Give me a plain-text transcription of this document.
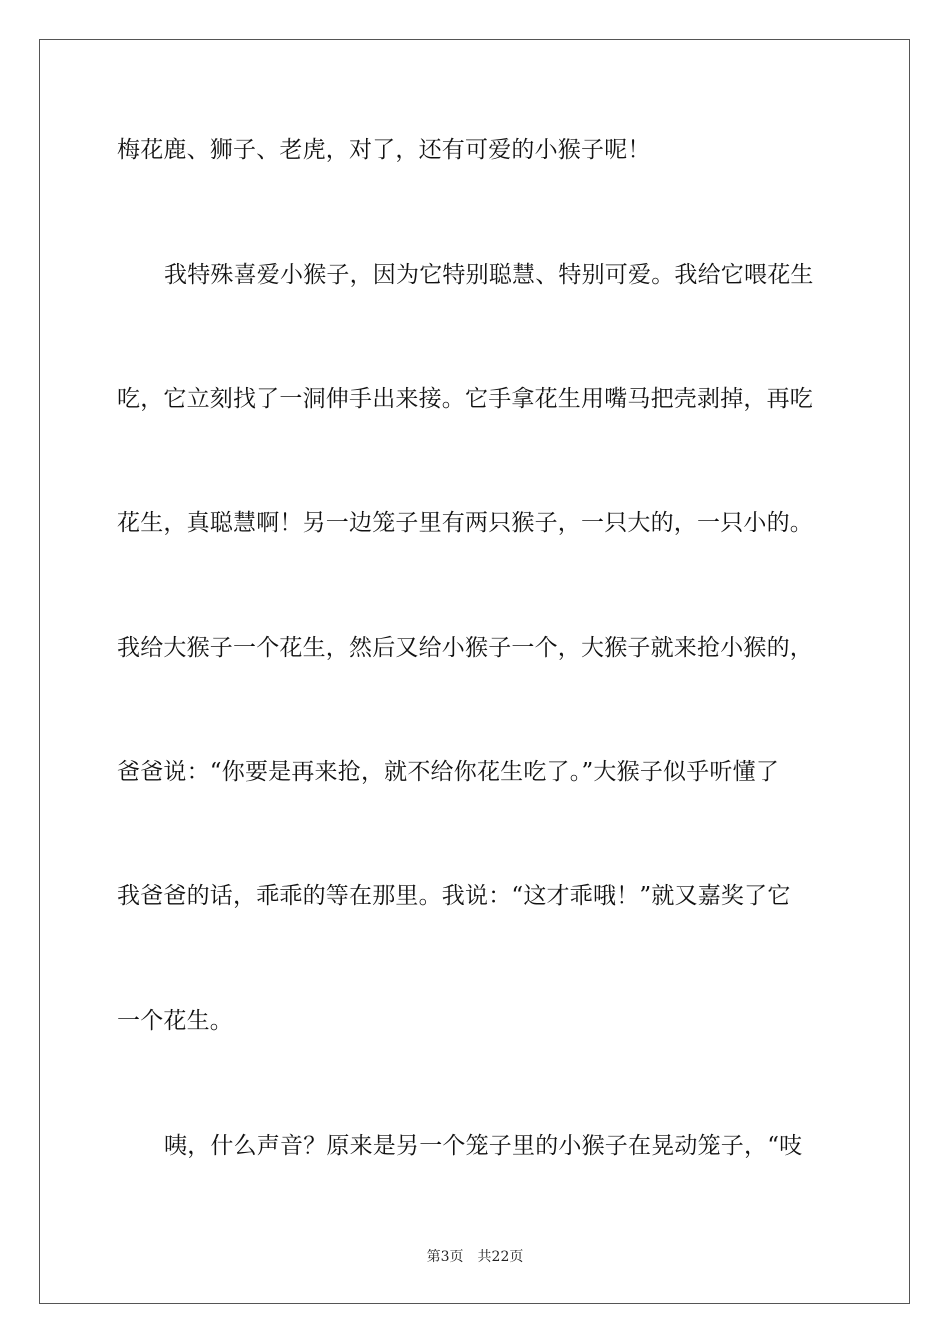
梅花鹿、狮子、老虎，对了，还有可爱的小猴子呢！
我特殊喜爱小猴子，因为它特别聪慧、特别可爱。我给它喂花生
吃，它立刻找了一洞伸手出来接。它手拿花生用嘴马把壳剥掉，再吃
花生，真聪慧啊！另一边笼子里有两只猴子，一只大的，一只小的。
我给大猴子一个花生，然后又给小猴子一个，大猴子就来抢小猴的，
爸爸说：“你要是再来抢，就不给你花生吃了。”大猴子似乎听懂了
我爸爸的话，乖乖的等在那里。我说：“这才乖哦！”就又嘉奖了它
一个花生。
咦，什么声音？原来是另一个笼子里的小猴子在晃动笼子，“吱
第3页 共22页
